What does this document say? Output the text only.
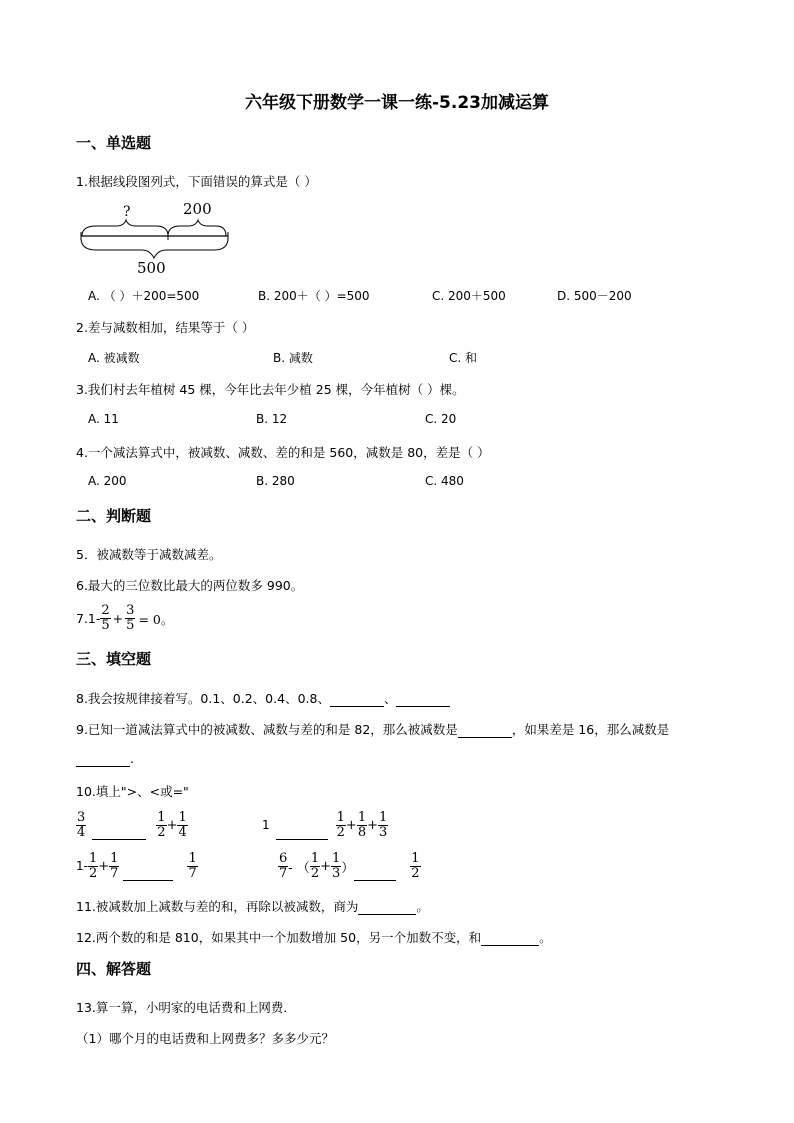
六年级下册数学一课一练-5.23加减运算
一、单选题
1.根据线段图列式，下面错误的算式是（ ）
?	200
500
A. （ ）＋200=500	B. 200＋（ ）=500	C. 200＋500	D. 500－200
2.差与减数相加，结果等于（ ）
A. 被减数	B. 减数	C. 和
3.我们村去年植树 45 棵，今年比去年少植 25 棵，今年植树（ ）棵。
A. 11	B. 12	C. 20
4.一个减法算式中，被减数、减数、差的和是 560，减数是 80，差是（ ）
A. 200	B. 280	C. 480
二、判断题
5．被减数等于减数减差。
6.最大的三位数比最大的两位数多 990。
$7.1- \frac{2}{5} + \frac{3}{5} = 0$。
三、填空题
8.我会按规律接着写。0.1、0.2、0.4、0.8、	、
9.已知一道减法算式中的被减数、减数与差的和是 82，那么被减数是	，如果差是 16，那么减数是
.
10.填上">、<或="
$\frac{3}{4}$
	$\frac{1}{2} + \frac{1}{4}$	1
	$\frac{1}{2} + \frac{1}{8} + \frac{1}{3}$
$1- \frac{1}{2} + \frac{1}{7}$
	$\frac{1}{7}$	$\frac{6}{7}$ - （ $\frac{1}{2} + \frac{1}{3}$ ）
	$\frac{1}{2}$
11.被减数加上减数与差的和，再除以被减数，商为	。
12.两个数的和是 810，如果其中一个加数增加 50，另一个加数不变，和	。
四、解答题
13.算一算，小明家的电话费和上网费．
（1）哪个月的电话费和上网费多？多多少元？
